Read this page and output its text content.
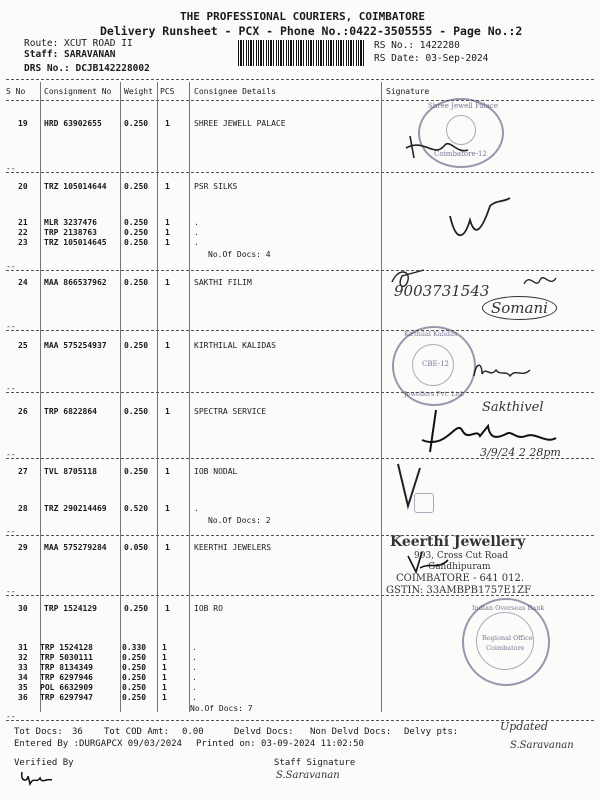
THE PROFESSIONAL COURIERS, COIMBATORE
Delivery Runsheet - PCX - Phone No.:0422-3505555 - Page No.:2
Route: XCUT ROAD II
Staff: SARAVANAN
DRS No.: DCJB142228002
RS No.: 1422280
RS Date: 03-Sep-2024
S No Consignment No Weight PCS Consignee Details	Signature
19 HRD 63902655	0.250 1	SHREE JEWELL PALACE
--
20 TRZ 105014644 0.250 1	PSR SILKS
21 MLR 3237476	0.250 1	.
22 TRP 2138763	0.250 1	.
23 TRZ 105014645 0.250 1	.
No.Of Docs: 4
--
24 MAA 866537962 0.250 1	SAKTHI FILIM
--
25 MAA 575254937 0.250 1	KIRTHILAL KALIDAS
--
26 TRP 6822864	0.250 1	SPECTRA SERVICE
--
27 TVL 8705118	0.250 1	IOB NODAL
28 TRZ 290214469 0.520 1	.
No.Of Docs: 2
--
29 MAA 575279284 0.050 1	KEERTHI JEWELERS
--
30 TRP 1524129	0.250 1	IOB RO
31 TRP 1524128	0.330 1	.
32 TRP 5030111	0.250 1	.
33 TRP 8134349	0.250 1	.
34 TRP 6297946	0.250 1	.
35 POL 6632909	0.250 1	.
36 TRP 6297947	0.250 1	.
No.Of Docs: 7
--
Shree Jewell Palace
Coimbatore-12
9003731543
Somani
Kirthilal Kalidas
Jewellers Pvt. Ltd.
CBE-12
Sakthivel
3/9/24 2 28pm
Keerthi Jewellery
993, Cross Cut Road
Gandhipuram
COIMBATORE - 641 012.
GSTIN: 33AMBPB1757E1ZF
Indian Overseas Bank
Regional Office
Coimbatore
Tot Docs: 36 Tot COD Amt: 0.00	Delvd Docs: Non Delvd Docs: Delvy pts:
Entered By :DURGAPCX 09/03/2024 Printed on: 03-09-2024 11:02:50
Updated
S.Saravanan
Verified By	Staff Signature
S.Saravanan
